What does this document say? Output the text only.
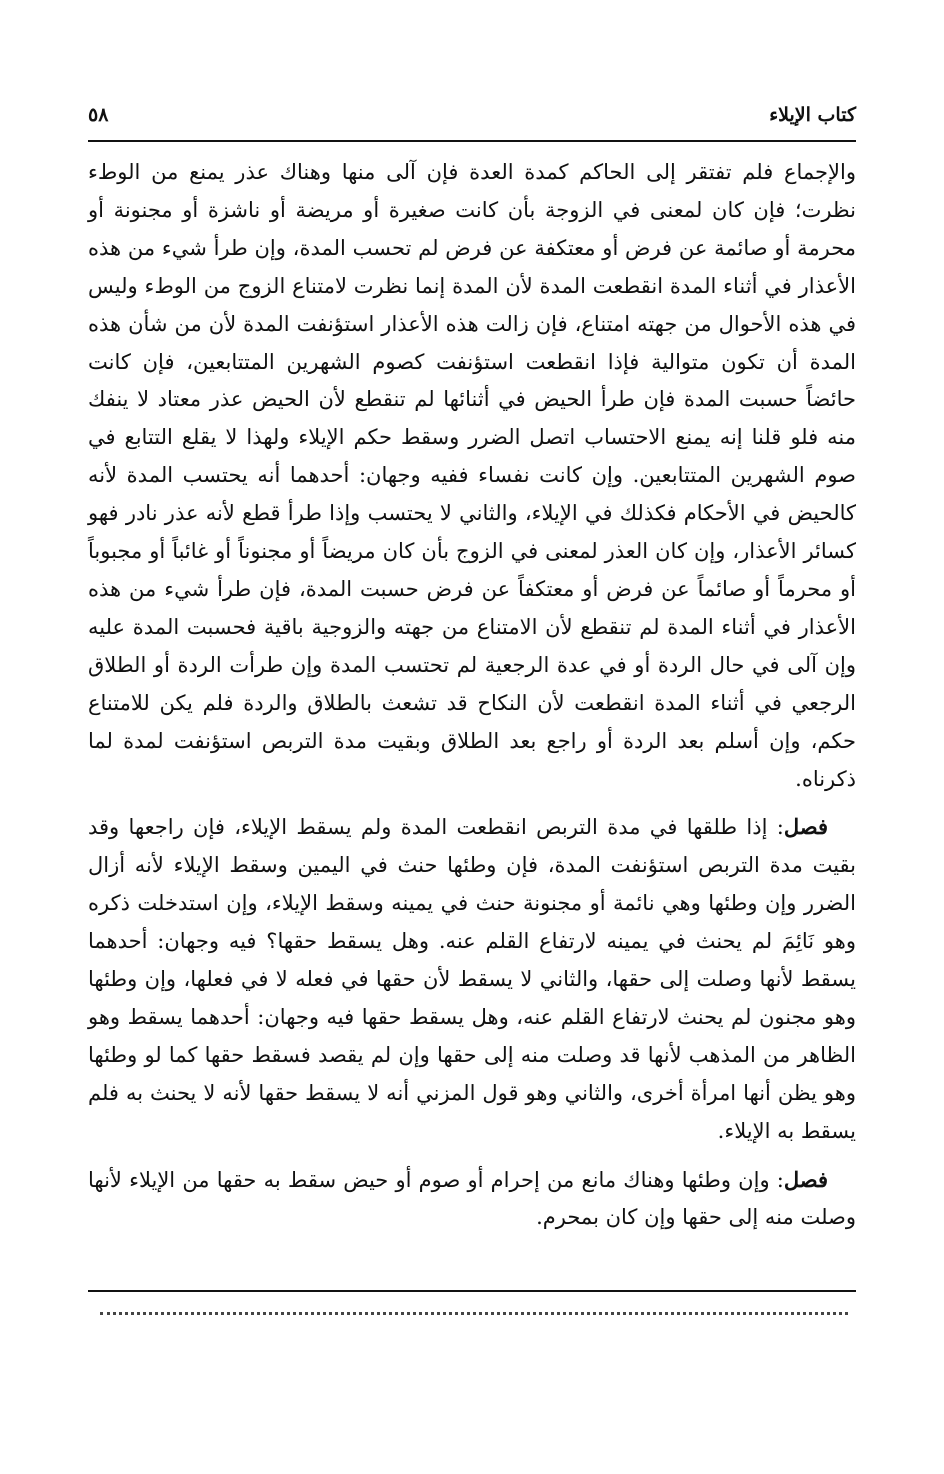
كتاب الإيلاء
٥٨

والإجماع فلم تفتقر إلى الحاكم كمدة العدة فإن آلى منها وهناك عذر يمنع من الوطء نظرت؛ فإن كان لمعنى في الزوجة بأن كانت صغيرة أو مريضة أو ناشزة أو مجنونة أو محرمة أو صائمة عن فرض أو معتكفة عن فرض لم تحسب المدة، وإن طرأ شيء من هذه الأعذار في أثناء المدة انقطعت المدة لأن المدة إنما نظرت لامتناع الزوج من الوطء وليس في هذه الأحوال من جهته امتناع، فإن زالت هذه الأعذار استؤنفت المدة لأن من شأن هذه المدة أن تكون متوالية فإذا انقطعت استؤنفت كصوم الشهرين المتتابعين، فإن كانت حائضاً حسبت المدة فإن طرأ الحيض في أثنائها لم تنقطع لأن الحيض عذر معتاد لا ينفك منه فلو قلنا إنه يمنع الاحتساب اتصل الضرر وسقط حكم الإيلاء ولهذا لا يقلع التتابع في صوم الشهرين المتتابعين. وإن كانت نفساء ففيه وجهان: أحدهما أنه يحتسب المدة لأنه كالحيض في الأحكام فكذلك في الإيلاء، والثاني لا يحتسب وإذا طرأ قطع لأنه عذر نادر فهو كسائر الأعذار، وإن كان العذر لمعنى في الزوج بأن كان مريضاً أو مجنوناً أو غائباً أو مجبوباً أو محرماً أو صائماً عن فرض أو معتكفاً عن فرض حسبت المدة، فإن طرأ شيء من هذه الأعذار في أثناء المدة لم تنقطع لأن الامتناع من جهته والزوجية باقية فحسبت المدة عليه وإن آلى في حال الردة أو في عدة الرجعية لم تحتسب المدة وإن طرأت الردة أو الطلاق الرجعي في أثناء المدة انقطعت لأن النكاح قد تشعث بالطلاق والردة فلم يكن للامتناع حكم، وإن أسلم بعد الردة أو راجع بعد الطلاق وبقيت مدة التربص استؤنفت لمدة لما ذكرناه.

فصل: إذا طلقها في مدة التربص انقطعت المدة ولم يسقط الإيلاء، فإن راجعها وقد بقيت مدة التربص استؤنفت المدة، فإن وطئها حنث في اليمين وسقط الإيلاء لأنه أزال الضرر وإن وطئها وهي نائمة أو مجنونة حنث في يمينه وسقط الإيلاء، وإن استدخلت ذكره وهو نَائِمَ لم يحنث في يمينه لارتفاع القلم عنه. وهل يسقط حقها؟ فيه وجهان: أحدهما يسقط لأنها وصلت إلى حقها، والثاني لا يسقط لأن حقها في فعله لا في فعلها، وإن وطئها وهو مجنون لم يحنث لارتفاع القلم عنه، وهل يسقط حقها فيه وجهان: أحدهما يسقط وهو الظاهر من المذهب لأنها قد وصلت منه إلى حقها وإن لم يقصد فسقط حقها كما لو وطئها وهو يظن أنها امرأة أخرى، والثاني وهو قول المزني أنه لا يسقط حقها لأنه لا يحنث به فلم يسقط به الإيلاء.

فصل: وإن وطئها وهناك مانع من إحرام أو صوم أو حيض سقط به حقها من الإيلاء لأنها وصلت منه إلى حقها وإن كان بمحرم.
